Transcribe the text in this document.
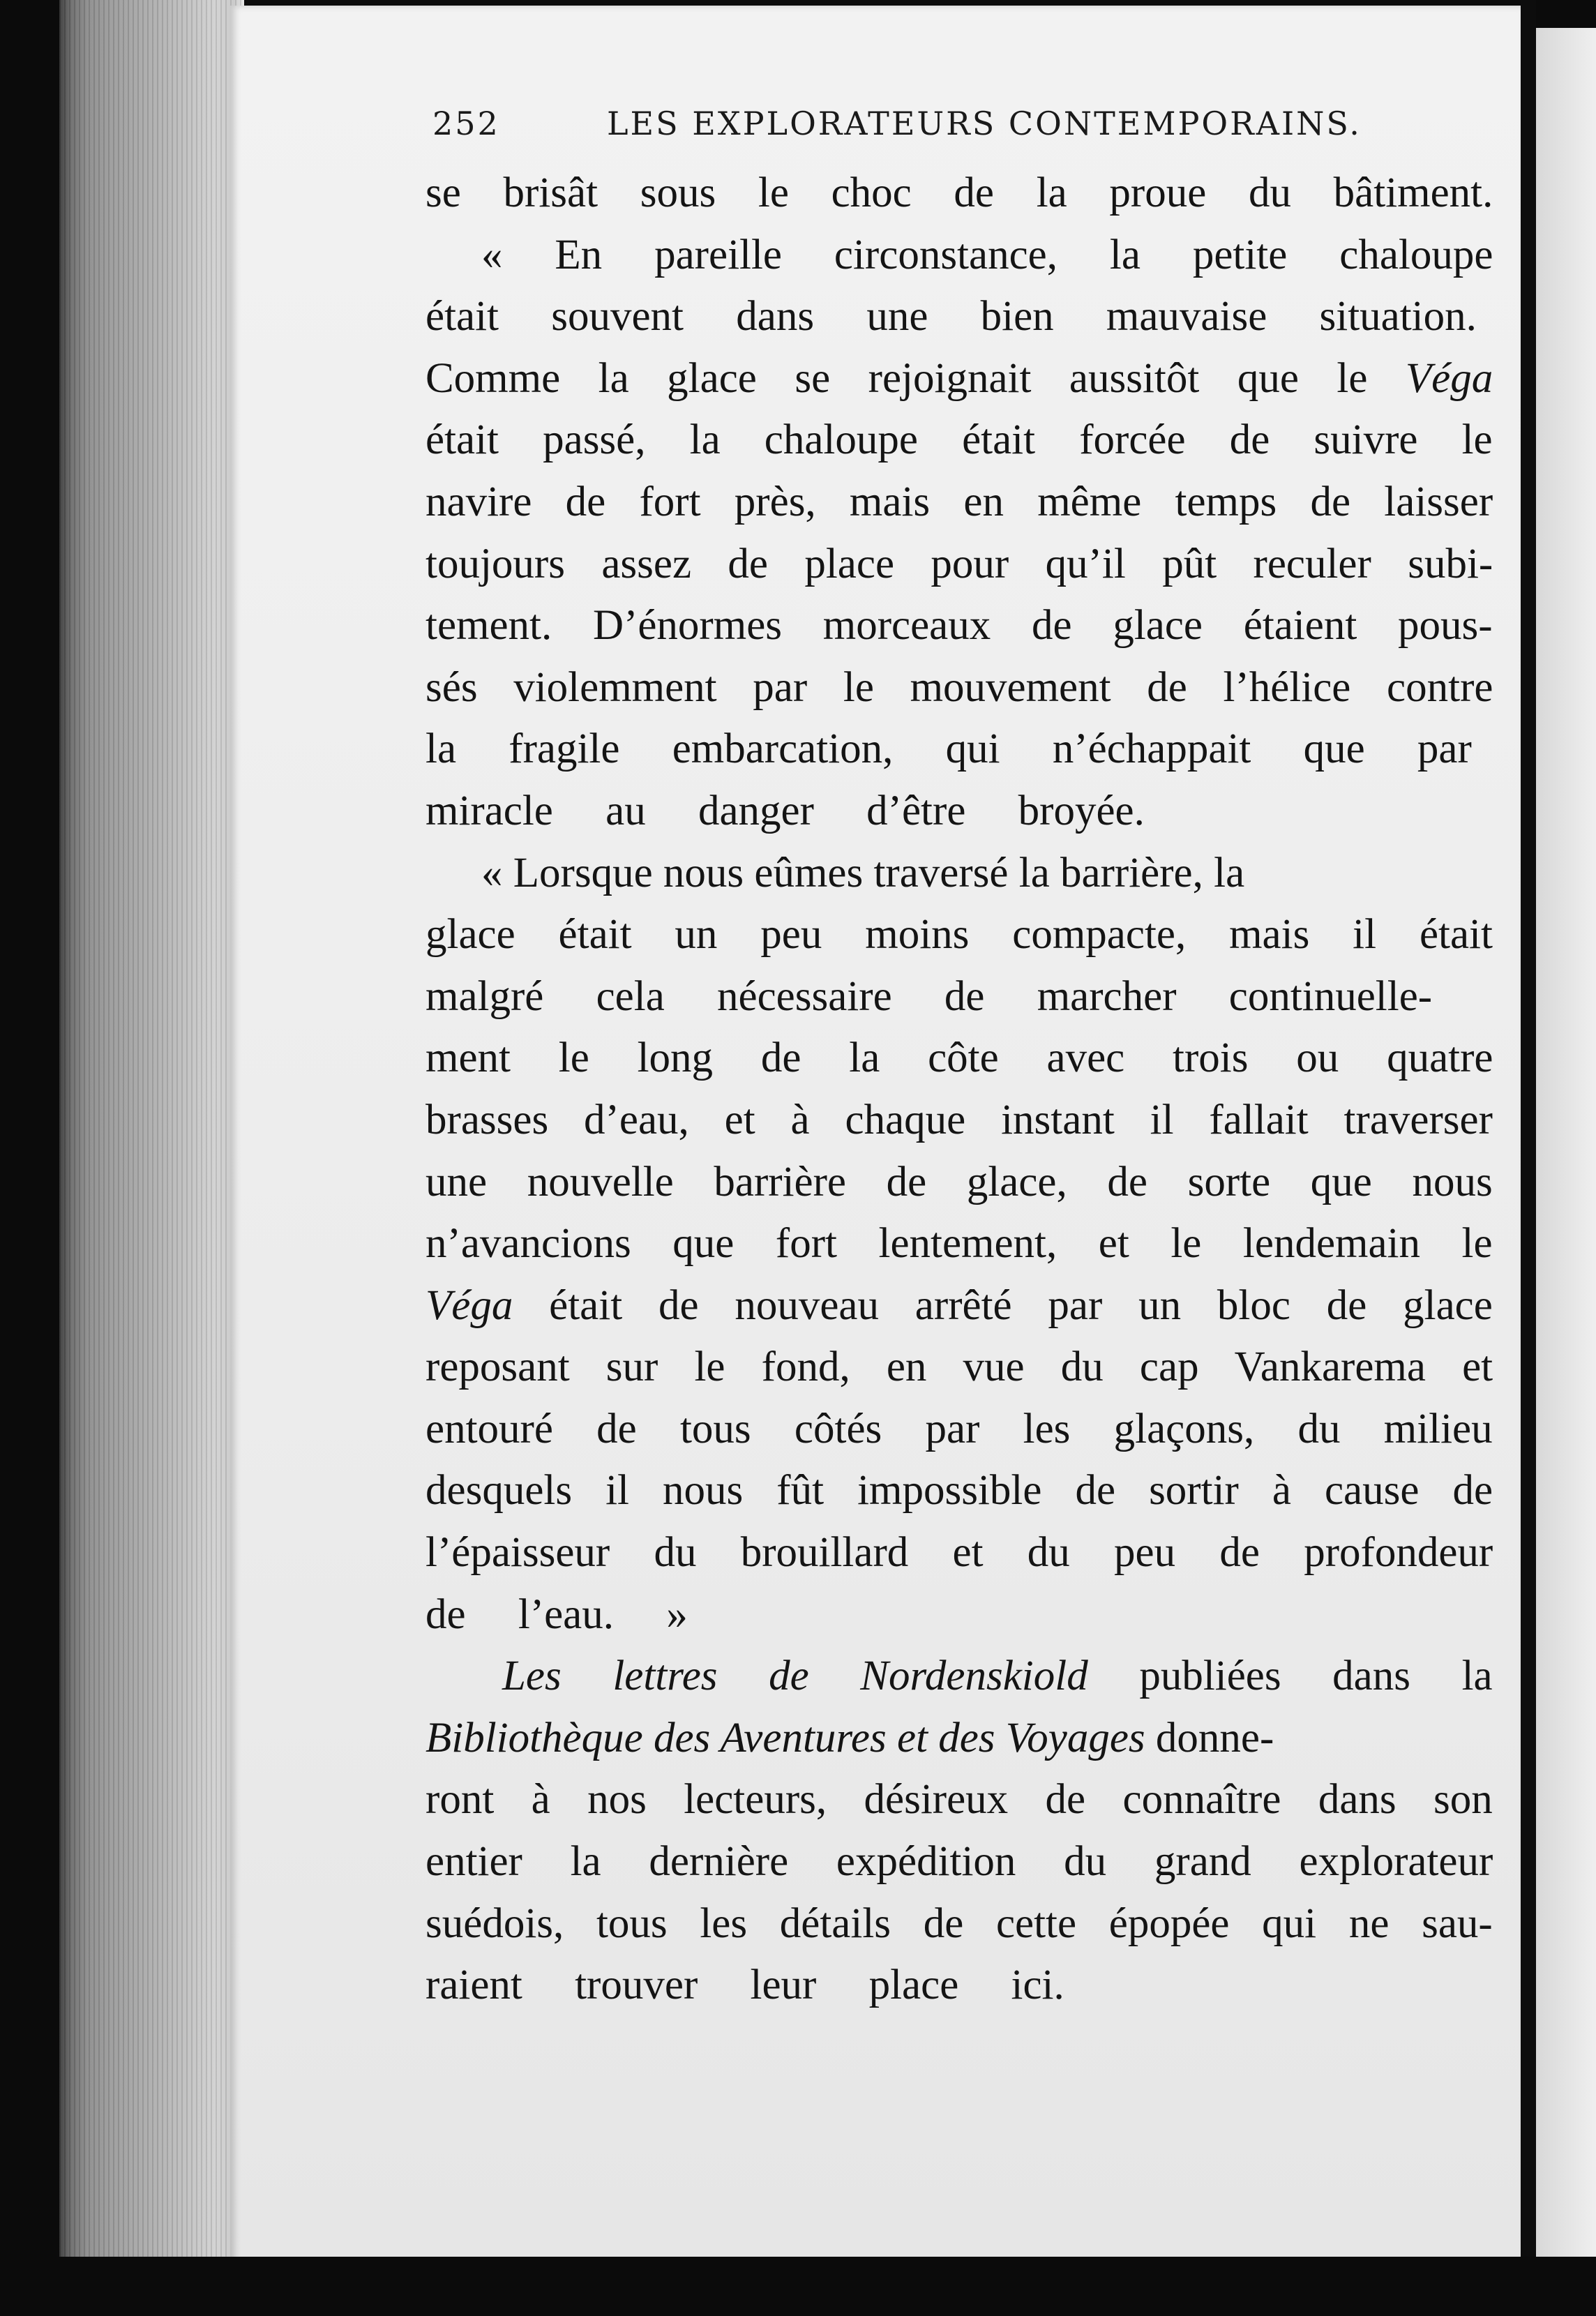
252	LES EXPLORATEURS CONTEMPORAINS.
se brisât sous le choc de la proue du bâtiment.
« En pareille circonstance, la petite chaloupe
était souvent dans une bien mauvaise situation.
Comme la glace se rejoignait aussitôt que le Véga
était passé, la chaloupe était forcée de suivre le
navire de fort près, mais en même temps de laisser
toujours assez de place pour qu’il pût reculer subi-
tement. D’énormes morceaux de glace étaient pous-
sés violemment par le mouvement de l’hélice contre
la fragile embarcation, qui n’échappait que par
miracle au danger d’être broyée.
« Lorsque nous eûmes traversé la barrière, la
glace était un peu moins compacte, mais il était
malgré cela nécessaire de marcher continuelle-
ment le long de la côte avec trois ou quatre
brasses d’eau, et à chaque instant il fallait traverser
une nouvelle barrière de glace, de sorte que nous
n’avancions que fort lentement, et le lendemain le
Véga était de nouveau arrêté par un bloc de glace
reposant sur le fond, en vue du cap Vankarema et
entouré de tous côtés par les glaçons, du milieu
desquels il nous fût impossible de sortir à cause de
l’épaisseur du brouillard et du peu de profondeur
de l’eau. »
Les lettres de Nordenskiold publiées dans la
Bibliothèque des Aventures et des Voyages donne-
ront à nos lecteurs, désireux de connaître dans son
entier la dernière expédition du grand explorateur
suédois, tous les détails de cette épopée qui ne sau-
raient trouver leur place ici.
